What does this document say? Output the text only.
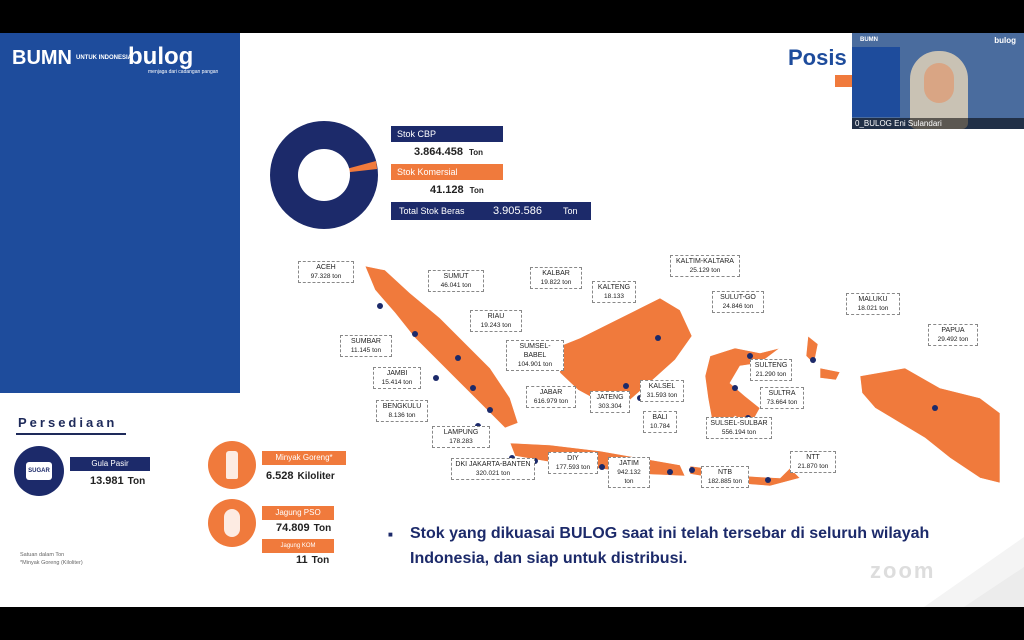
BUMN UNTUK INDONESIA
bulog
menjaga dari cadangan pangan
Posis
Stok CBP
3.864.458 Ton
Stok Komersial
41.128 Ton
Total Stok Beras	3.905.586 Ton
ACEH
97.328 ton	SUMUT
46.041 ton
RIAU
19.243 ton
SUMBAR
11.145 ton
JAMBI
15.414 ton
BENGKULU
8.136 ton
SUMSEL-BABEL
104.901 ton
LAMPUNG
178.283
DKI JAKARTA-BANTEN
320.021 ton
JABAR
616.979 ton
DIY
177.593 ton
JATENG
303.304
JATIM
942.132 ton
BALI
10.784
KALBAR
19.822 ton
KALTENG
18.133
KALSEL
31.593 ton
KALTIM-KALTARA
25.129 ton
SULUT-GO
24.846 ton
SULTENG
21.290 ton
SULTRA
73.664 ton
SULSEL-SULBAR
556.194 ton
NTB
182.885 ton
NTT
21.870 ton
MALUKU
18.021 ton
PAPUA
29.492 ton
Persediaan
SUGAR
Gula Pasir
13.981 Ton
Minyak Goreng*
6.528 Kiloliter
Jagung PSO
74.809 Ton
Jagung KOM
11 Ton
Satuan dalam Ton
*Minyak Goreng (Kiloliter)
■ Stok yang dikuasai BULOG saat ini telah tersebar di seluruh wilayah Indonesia, dan siap untuk distribusi.	zoom
BUMN	bulog
0_BULOG Eni Sulandari
